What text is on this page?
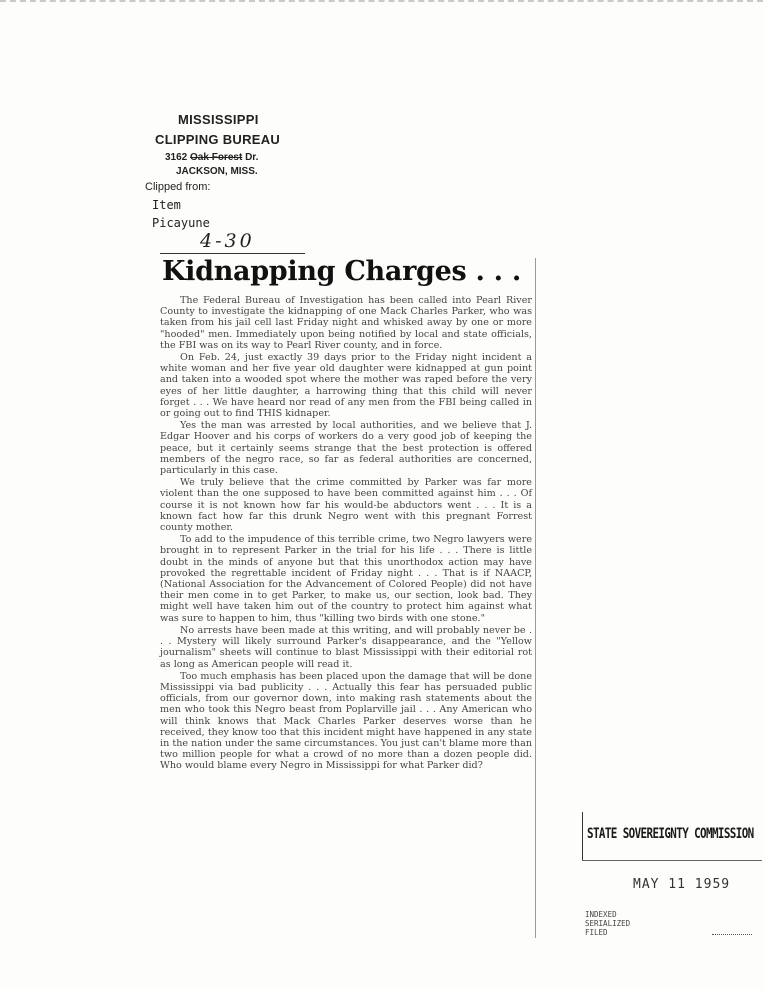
MISSISSIPPI
CLIPPING BUREAU
3162 Oak Forest Dr.
JACKSON, MISS.
Clipped from:
Item
Picayune
4-30
Kidnapping Charges . . .

The Federal Bureau of Investigation has been called into Pearl River County to investigate the kidnapping of one Mack Charles Parker, who was taken from his jail cell last Friday night and whisked away by one or more "hooded" men. Immediately upon being notified by local and state officials, the FBI was on its way to Pearl River county, and in force.

On Feb. 24, just exactly 39 days prior to the Friday night incident a white woman and her five year old daughter were kidnapped at gun point and taken into a wooded spot where the mother was raped before the very eyes of her little daughter, a harrowing thing that this child will never forget . . . We have heard nor read of any men from the FBI being called in or going out to find THIS kidnaper.

Yes the man was arrested by local authorities, and we believe that J. Edgar Hoover and his corps of workers do a very good job of keeping the peace, but it certainly seems strange that the best protection is offered members of the negro race, so far as federal authorities are concerned, particularly in this case.

We truly believe that the crime committed by Parker was far more violent than the one supposed to have been committed against him . . . Of course it is not known how far his would-be abductors went . . . It is a known fact how far this drunk Negro went with this pregnant Forrest county mother.

To add to the impudence of this terrible crime, two Negro lawyers were brought in to represent Parker in the trial for his life . . . There is little doubt in the minds of anyone but that this unorthodox action may have provoked the regrettable incident of Friday night . . . That is if NAACP, (National Association for the Advancement of Colored People) did not have their men come in to get Parker, to make us, our section, look bad. They might well have taken him out of the country to protect him against what was sure to happen to him, thus "killing two birds with one stone."

No arrests have been made at this writing, and will probably never be . . . Mystery will likely surround Parker's disappearance, and the "Yellow journalism" sheets will continue to blast Mississippi with their editorial rot as long as American people will read it.

Too much emphasis has been placed upon the damage that will be done Mississippi via bad publicity . . . Actually this fear has persuaded public officials, from our governor down, into making rash statements about the men who took this Negro beast from Poplarville jail . . . Any American who will think knows that Mack Charles Parker deserves worse than he received, they know too that this incident might have happened in any state in the nation under the same circumstances. You just can't blame more than two million people for what a crowd of no more than a dozen people did. Who would blame every Negro in Mississippi for what Parker did?

STATE SOVEREIGNTY COMMISSION
MAY 11 1959
INDEXED
SERIALIZED
FILED
